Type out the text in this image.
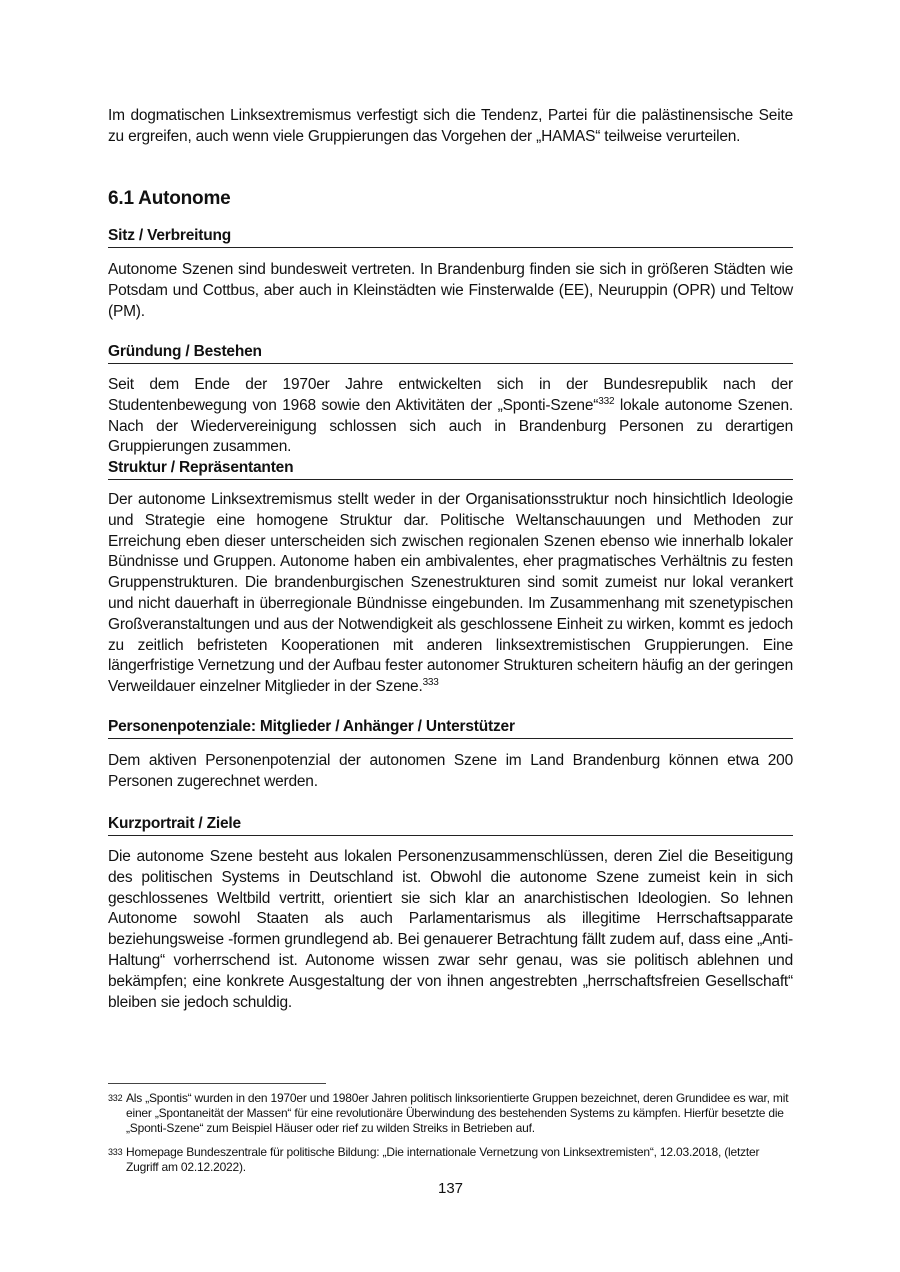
Im dogmatischen Linksextremismus verfestigt sich die Tendenz, Partei für die palästinensische Seite zu ergreifen, auch wenn viele Gruppierungen das Vorgehen der „HAMAS“ teilweise verurteilen.

6.1 Autonome
Sitz / Verbreitung

Autonome Szenen sind bundesweit vertreten. In Brandenburg finden sie sich in größeren Städten wie Potsdam und Cottbus, aber auch in Kleinstädten wie Finsterwalde (EE), Neuruppin (OPR) und Teltow (PM).

Gründung / Bestehen

Seit dem Ende der 1970er Jahre entwickelten sich in der Bundesrepublik nach der Studentenbewegung von 1968 sowie den Aktivitäten der „Sponti-Szene“$^{332}$ lokale autonome Szenen. Nach der Wiedervereinigung schlossen sich auch in Brandenburg Personen zu derartigen Gruppierungen zusammen.

Struktur / Repräsentanten

Der autonome Linksextremismus stellt weder in der Organisationsstruktur noch hinsichtlich Ideologie und Strategie eine homogene Struktur dar. Politische Weltanschauungen und Methoden zur Erreichung eben dieser unterscheiden sich zwischen regionalen Szenen ebenso wie innerhalb lokaler Bündnisse und Gruppen. Autonome haben ein ambivalentes, eher pragmatisches Verhältnis zu festen Gruppenstrukturen. Die brandenburgischen Szenestrukturen sind somit zumeist nur lokal verankert und nicht dauerhaft in überregionale Bündnisse eingebunden. Im Zusammenhang mit szenetypischen Großveranstaltungen und aus der Notwendigkeit als geschlossene Einheit zu wirken, kommt es jedoch zu zeitlich befristeten Kooperationen mit anderen linksextremistischen Gruppierungen. Eine längerfristige Vernetzung und der Aufbau fester autonomer Strukturen scheitern häufig an der geringen Verweildauer einzelner Mitglieder in der Szene.$^{333}$

Personenpotenziale: Mitglieder / Anhänger / Unterstützer

Dem aktiven Personenpotenzial der autonomen Szene im Land Brandenburg können etwa 200 Personen zugerechnet werden.

Kurzportrait / Ziele

Die autonome Szene besteht aus lokalen Personenzusammenschlüssen, deren Ziel die Beseitigung des politischen Systems in Deutschland ist. Obwohl die autonome Szene zumeist kein in sich geschlossenes Weltbild vertritt, orientiert sie sich klar an anarchistischen Ideologien. So lehnen Autonome sowohl Staaten als auch Parlamentarismus als illegitime Herrschaftsapparate beziehungsweise -formen grundlegend ab. Bei genauerer Betrachtung fällt zudem auf, dass eine „Anti-Haltung“ vorherrschend ist. Autonome wissen zwar sehr genau, was sie politisch ablehnen und bekämpfen; eine konkrete Ausgestaltung der von ihnen angestrebten „herrschaftsfreien Gesellschaft“ bleiben sie jedoch schuldig.

332 Als „Spontis“ wurden in den 1970er und 1980er Jahren politisch linksorientierte Gruppen bezeichnet, deren Grundidee es war, mit einer „Spontaneität der Massen“ für eine revolutionäre Überwindung des bestehenden Systems zu kämpfen. Hierfür besetzte die „Sponti-Szene“ zum Beispiel Häuser oder rief zu wilden Streiks in Betrieben auf.
333 Homepage Bundeszentrale für politische Bildung: „Die internationale Vernetzung von Linksextremisten“, 12.03.2018, (letzter Zugriff am 02.12.2022).
137
